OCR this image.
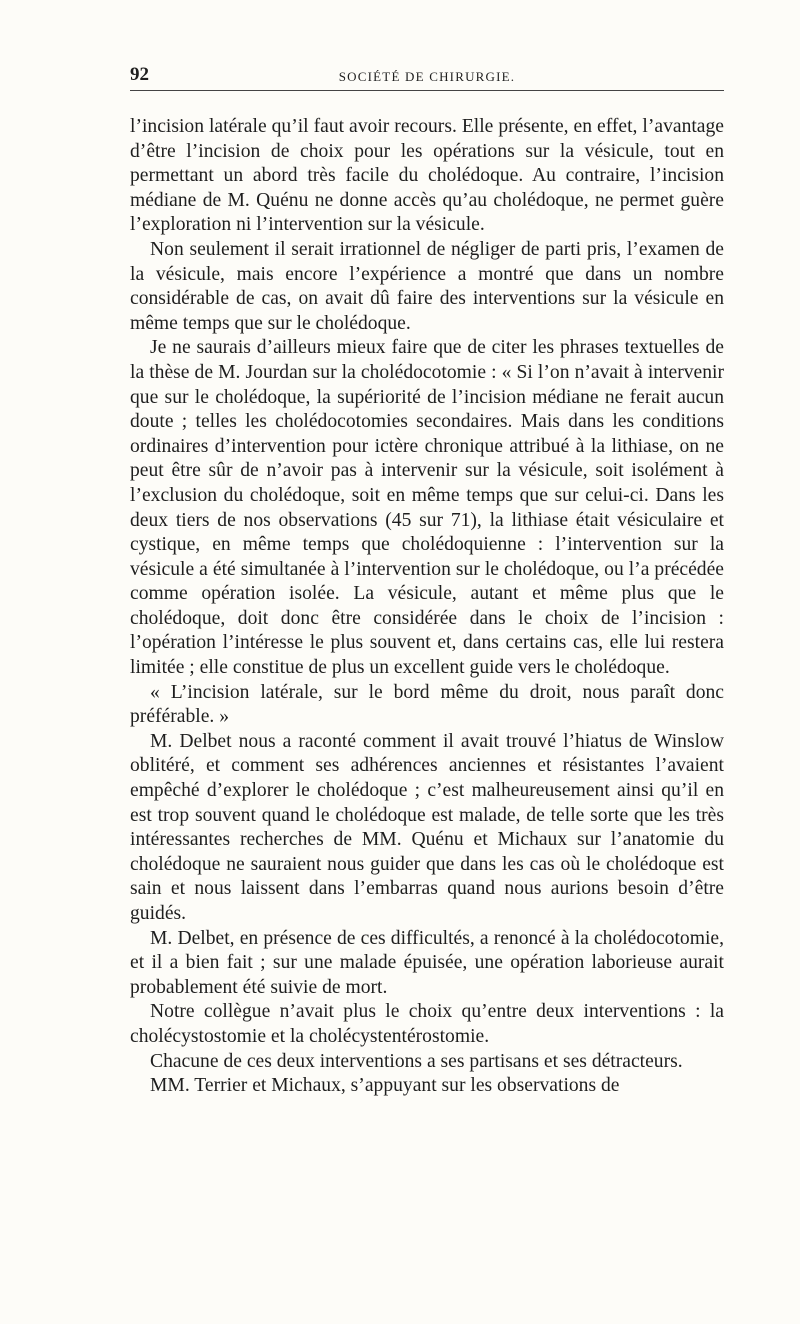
92	SOCIÉTÉ DE CHIRURGIE.

l’incision latérale qu’il faut avoir recours. Elle présente, en effet, l’avantage d’être l’incision de choix pour les opérations sur la vésicule, tout en permettant un abord très facile du cholédoque. Au contraire, l’incision médiane de M. Quénu ne donne accès qu’au cholédoque, ne permet guère l’exploration ni l’intervention sur la vésicule.

Non seulement il serait irrationnel de négliger de parti pris, l’examen de la vésicule, mais encore l’expérience a montré que dans un nombre considérable de cas, on avait dû faire des interventions sur la vésicule en même temps que sur le cholédoque.

Je ne saurais d’ailleurs mieux faire que de citer les phrases textuelles de la thèse de M. Jourdan sur la cholédocotomie : « Si l’on n’avait à intervenir que sur le cholédoque, la supériorité de l’incision médiane ne ferait aucun doute ; telles les cholédocotomies secondaires. Mais dans les conditions ordinaires d’intervention pour ictère chronique attribué à la lithiase, on ne peut être sûr de n’avoir pas à intervenir sur la vésicule, soit isolément à l’exclusion du cholédoque, soit en même temps que sur celui-ci. Dans les deux tiers de nos observations (45 sur 71), la lithiase était vésiculaire et cystique, en même temps que cholédoquienne : l’intervention sur la vésicule a été simultanée à l’intervention sur le cholédoque, ou l’a précédée comme opération isolée. La vésicule, autant et même plus que le cholédoque, doit donc être considérée dans le choix de l’incision : l’opération l’intéresse le plus souvent et, dans certains cas, elle lui restera limitée ; elle constitue de plus un excellent guide vers le cholédoque.

« L’incision latérale, sur le bord même du droit, nous paraît donc préférable. »

M. Delbet nous a raconté comment il avait trouvé l’hiatus de Winslow oblitéré, et comment ses adhérences anciennes et résistantes l’avaient empêché d’explorer le cholédoque ; c’est malheureusement ainsi qu’il en est trop souvent quand le cholédoque est malade, de telle sorte que les très intéressantes recherches de MM. Quénu et Michaux sur l’anatomie du cholédoque ne sauraient nous guider que dans les cas où le cholédoque est sain et nous laissent dans l’embarras quand nous aurions besoin d’être guidés.

M. Delbet, en présence de ces difficultés, a renoncé à la cholédocotomie, et il a bien fait ; sur une malade épuisée, une opération laborieuse aurait probablement été suivie de mort.

Notre collègue n’avait plus le choix qu’entre deux interventions : la cholécystostomie et la cholécystentérostomie.

Chacune de ces deux interventions a ses partisans et ses détracteurs.

MM. Terrier et Michaux, s’appuyant sur les observations de
